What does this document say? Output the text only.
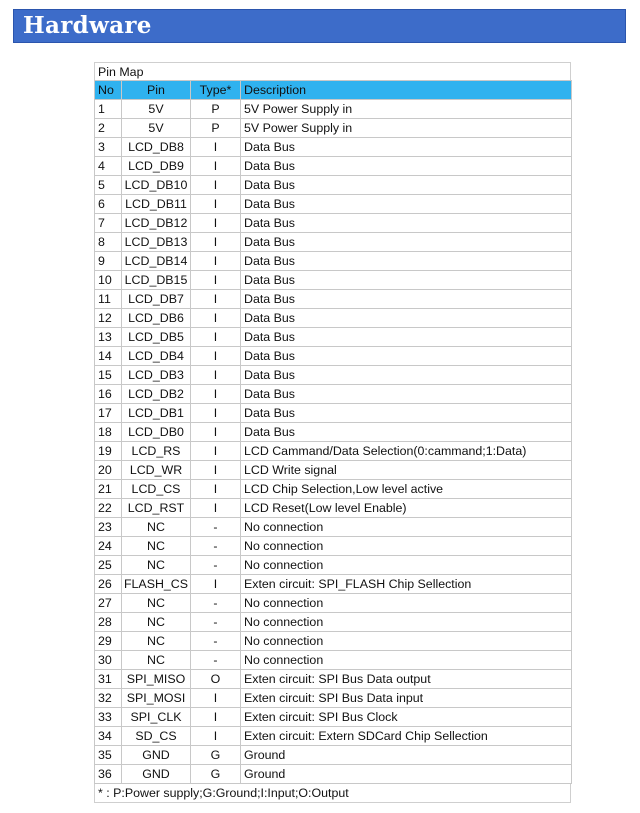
Hardware
Pin Map
No	Pin	Type*	Description
1	5V	P	5V Power Supply in
2	5V	P	5V Power Supply in
3	LCD_DB8	I	Data Bus
4	LCD_DB9	I	Data Bus
5	LCD_DB10	I	Data Bus
6	LCD_DB11	I	Data Bus
7	LCD_DB12	I	Data Bus
8	LCD_DB13	I	Data Bus
9	LCD_DB14	I	Data Bus
10	LCD_DB15	I	Data Bus
11	LCD_DB7	I	Data Bus
12	LCD_DB6	I	Data Bus
13	LCD_DB5	I	Data Bus
14	LCD_DB4	I	Data Bus
15	LCD_DB3	I	Data Bus
16	LCD_DB2	I	Data Bus
17	LCD_DB1	I	Data Bus
18	LCD_DB0	I	Data Bus
19	LCD_RS	I	LCD Cammand/Data Selection(0:cammand;1:Data)
20	LCD_WR	I	LCD Write signal
21	LCD_CS	I	LCD Chip Selection,Low level active
22	LCD_RST	I	LCD Reset(Low level Enable)
23	NC	-	No connection
24	NC	-	No connection
25	NC	-	No connection
26	FLASH_CS	I	Exten circuit: SPI_FLASH Chip Sellection
27	NC	-	No connection
28	NC	-	No connection
29	NC	-	No connection
30	NC	-	No connection
31	SPI_MISO	O	Exten circuit: SPI Bus Data output
32	SPI_MOSI	I	Exten circuit: SPI Bus Data input
33	SPI_CLK	I	Exten circuit: SPI Bus Clock
34	SD_CS	I	Exten circuit: Extern SDCard Chip Sellection
35	GND	G	Ground
36	GND	G	Ground
* : P:Power supply;G:Ground;I:Input;O:Output
